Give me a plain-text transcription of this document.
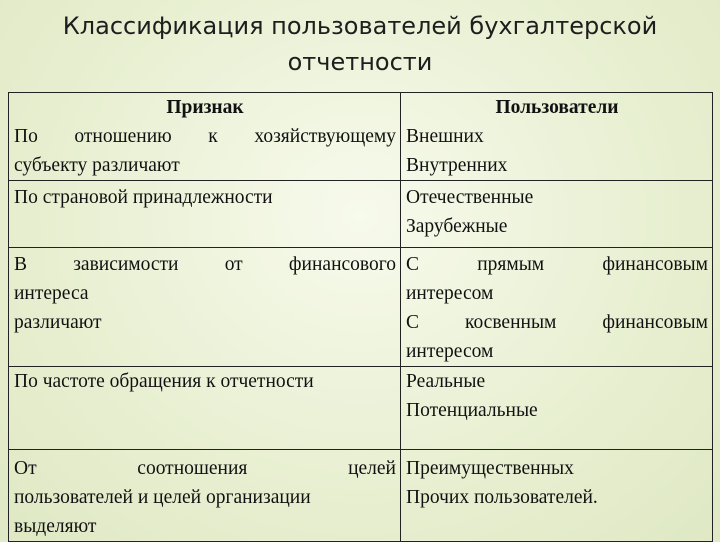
Классификация пользователей бухгалтерской
отчетности
Признак
По отношению к хозяйствующему
субъекту различают	Пользователи
Внешних
Внутренних

По страновой принадлежности	Отечественные
Зарубежные

В зависимости от финансового
интереса
различают	С прямым финансовым
интересом
С косвенным финансовым
интересом

По частоте обращения к отчетности	Реальные
Потенциальные

От соотношения целей
пользователей и целей организации
выделяют	Преимущественных
Прочих пользователей.
